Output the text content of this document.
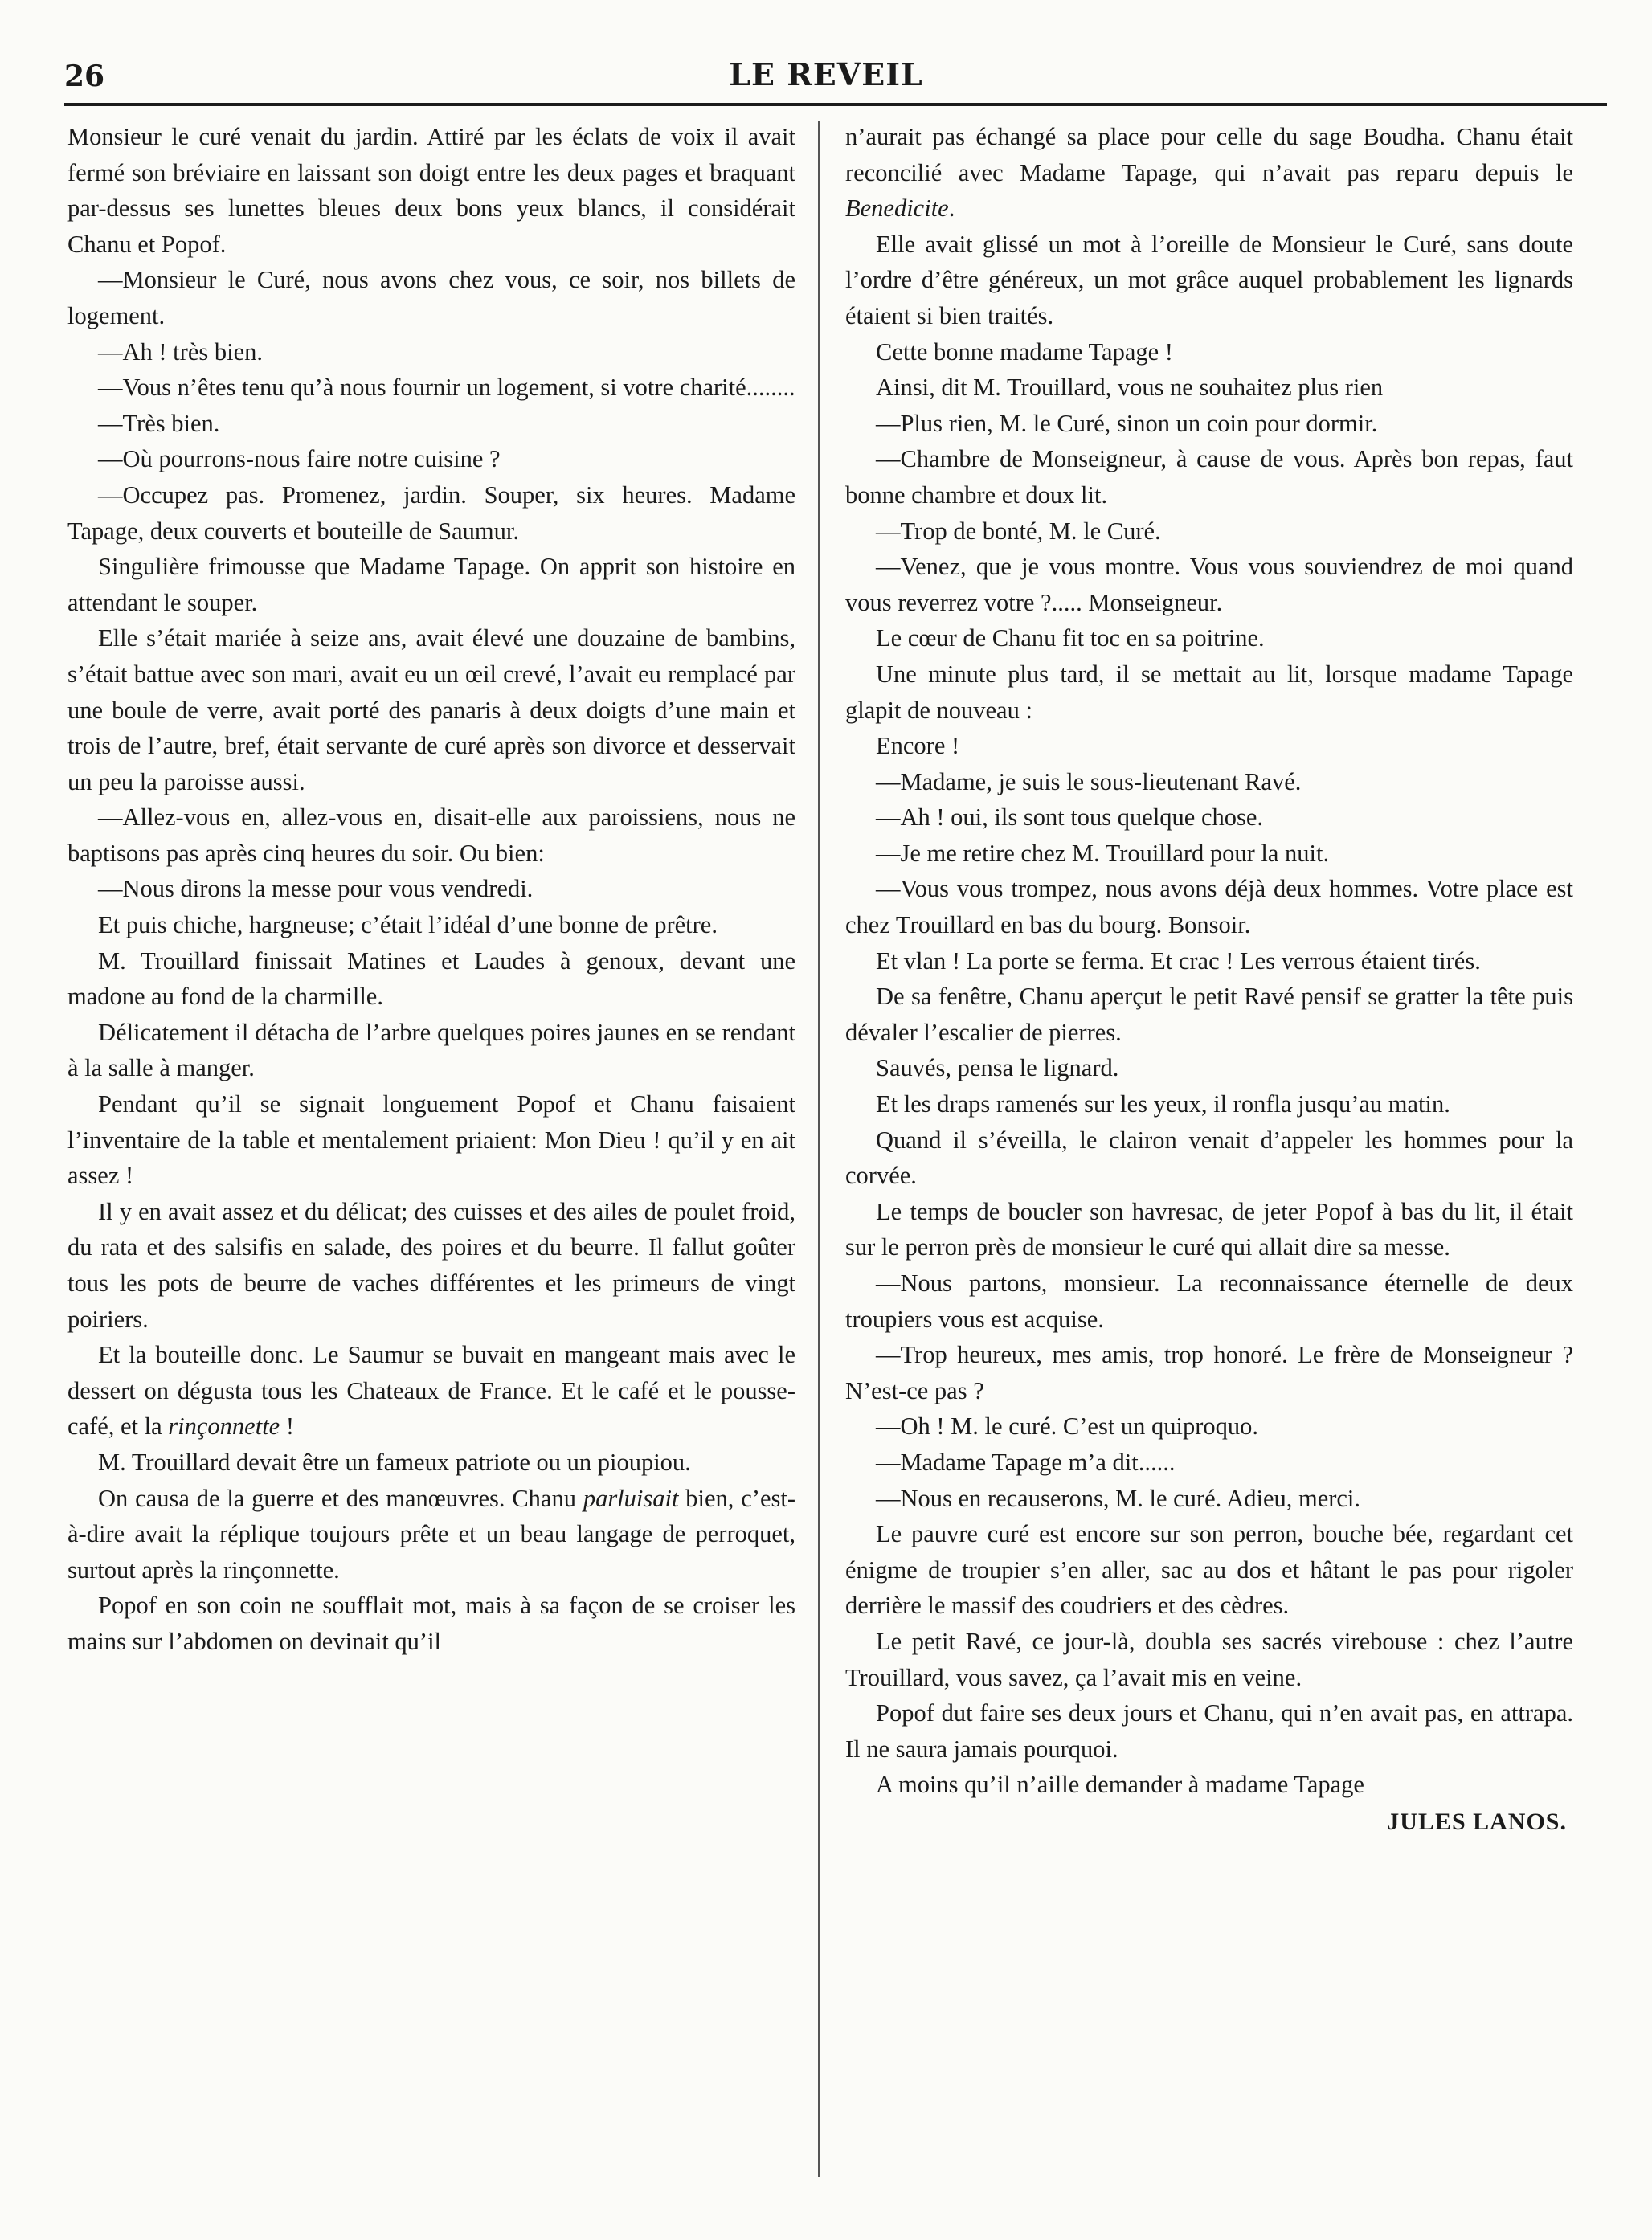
26	LE REVEIL

Monsieur le curé venait du jardin. Attiré par les éclats de voix il avait fermé son bréviaire en laissant son doigt entre les deux pages et braquant par-dessus ses lunettes bleues deux bons yeux blancs, il considérait Chanu et Popof.

—Monsieur le Curé, nous avons chez vous, ce soir, nos billets de logement.

—Ah ! très bien.

—Vous n’êtes tenu qu’à nous fournir un logement, si votre charité........

—Très bien.

—Où pourrons-nous faire notre cuisine ?

—Occupez pas. Promenez, jardin. Souper, six heures. Madame Tapage, deux couverts et bouteille de Saumur.

Singulière frimousse que Madame Tapage. On apprit son histoire en attendant le souper.

Elle s’était mariée à seize ans, avait élevé une douzaine de bambins, s’était battue avec son mari, avait eu un œil crevé, l’avait eu remplacé par une boule de verre, avait porté des panaris à deux doigts d’une main et trois de l’autre, bref, était servante de curé après son divorce et desservait un peu la paroisse aussi.

—Allez-vous en, allez-vous en, disait-elle aux paroissiens, nous ne baptisons pas après cinq heures du soir. Ou bien:

—Nous dirons la messe pour vous vendredi.

Et puis chiche, hargneuse; c’était l’idéal d’une bonne de prêtre.

M. Trouillard finissait Matines et Laudes à genoux, devant une madone au fond de la charmille.

Délicatement il détacha de l’arbre quelques poires jaunes en se rendant à la salle à manger.

Pendant qu’il se signait longuement Popof et Chanu faisaient l’inventaire de la table et mentalement priaient: Mon Dieu ! qu’il y en ait assez !

Il y en avait assez et du délicat; des cuisses et des ailes de poulet froid, du rata et des salsifis en salade, des poires et du beurre. Il fallut goûter tous les pots de beurre de vaches différentes et les primeurs de vingt poiriers.

Et la bouteille donc. Le Saumur se buvait en mangeant mais avec le dessert on dégusta tous les Chateaux de France. Et le café et le pousse-café, et la rinçonnette !

M. Trouillard devait être un fameux patriote ou un pioupiou.

On causa de la guerre et des manœuvres. Chanu parluisait bien, c’est-à-dire avait la réplique toujours prête et un beau langage de perroquet, surtout après la rinçonnette.

Popof en son coin ne soufflait mot, mais à sa façon de se croiser les mains sur l’abdomen on devinait qu’il

n’aurait pas échangé sa place pour celle du sage Boudha. Chanu était reconcilié avec Madame Tapage, qui n’avait pas reparu depuis le Benedicite.

Elle avait glissé un mot à l’oreille de Monsieur le Curé, sans doute l’ordre d’être généreux, un mot grâce auquel probablement les lignards étaient si bien traités.

Cette bonne madame Tapage !

Ainsi, dit M. Trouillard, vous ne souhaitez plus rien

—Plus rien, M. le Curé, sinon un coin pour dormir.

—Chambre de Monseigneur, à cause de vous. Après bon repas, faut bonne chambre et doux lit.

—Trop de bonté, M. le Curé.

—Venez, que je vous montre. Vous vous souviendrez de moi quand vous reverrez votre ?..... Monseigneur.

Le cœur de Chanu fit toc en sa poitrine.

Une minute plus tard, il se mettait au lit, lorsque madame Tapage glapit de nouveau :

Encore !

—Madame, je suis le sous-lieutenant Ravé.

—Ah ! oui, ils sont tous quelque chose.

—Je me retire chez M. Trouillard pour la nuit.

—Vous vous trompez, nous avons déjà deux hommes. Votre place est chez Trouillard en bas du bourg. Bonsoir.

Et vlan ! La porte se ferma. Et crac ! Les verrous étaient tirés.

De sa fenêtre, Chanu aperçut le petit Ravé pensif se gratter la tête puis dévaler l’escalier de pierres.

Sauvés, pensa le lignard.

Et les draps ramenés sur les yeux, il ronfla jusqu’au matin.

Quand il s’éveilla, le clairon venait d’appeler les hommes pour la corvée.

Le temps de boucler son havresac, de jeter Popof à bas du lit, il était sur le perron près de monsieur le curé qui allait dire sa messe.

—Nous partons, monsieur. La reconnaissance éternelle de deux troupiers vous est acquise.

—Trop heureux, mes amis, trop honoré. Le frère de Monseigneur ? N’est-ce pas ?

—Oh ! M. le curé. C’est un quiproquo.

—Madame Tapage m’a dit......

—Nous en recauserons, M. le curé. Adieu, merci.

Le pauvre curé est encore sur son perron, bouche bée, regardant cet énigme de troupier s’en aller, sac au dos et hâtant le pas pour rigoler derrière le massif des coudriers et des cèdres.

Le petit Ravé, ce jour-là, doubla ses sacrés virebouse : chez l’autre Trouillard, vous savez, ça l’avait mis en veine.

Popof dut faire ses deux jours et Chanu, qui n’en avait pas, en attrapa. Il ne saura jamais pourquoi.

A moins qu’il n’aille demander à madame Tapage

JULES LANOS.
